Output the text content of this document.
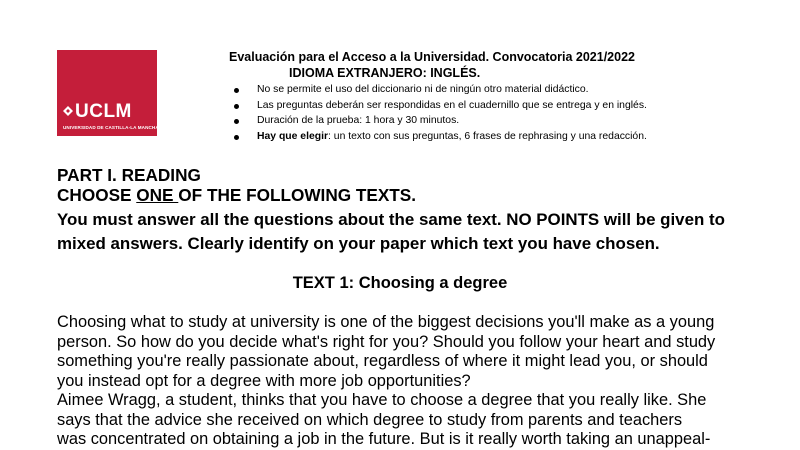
UCLM
UNIVERSIDAD DE CASTILLA-LA MANCHA
Evaluación para el Acceso a la Universidad. Convocatoria 2021/2022
IDIOMA EXTRANJERO: INGLÉS.
No se permite el uso del diccionario ni de ningún otro material didáctico.
Las preguntas deberán ser respondidas en el cuadernillo que se entrega y en inglés.
Duración de la prueba: 1 hora y 30 minutos.
Hay que elegir: un texto con sus preguntas, 6 frases de rephrasing y una redacción.
PART I. READING
CHOOSE ONE OF THE FOLLOWING TEXTS.
You must answer all the questions about the same text. NO POINTS will be given to
mixed answers. Clearly identify on your paper which text you have chosen.
TEXT 1: Choosing a degree
Choosing what to study at university is one of the biggest decisions you'll make as a young
person. So how do you decide what's right for you? Should you follow your heart and study
something you're really passionate about, regardless of where it might lead you, or should
you instead opt for a degree with more job opportunities?
Aimee Wragg, a student, thinks that you have to choose a degree that you really like. She
says that the advice she received on which degree to study from parents and teachers
was concentrated on obtaining a job in the future. But is it really worth taking an unappeal-
